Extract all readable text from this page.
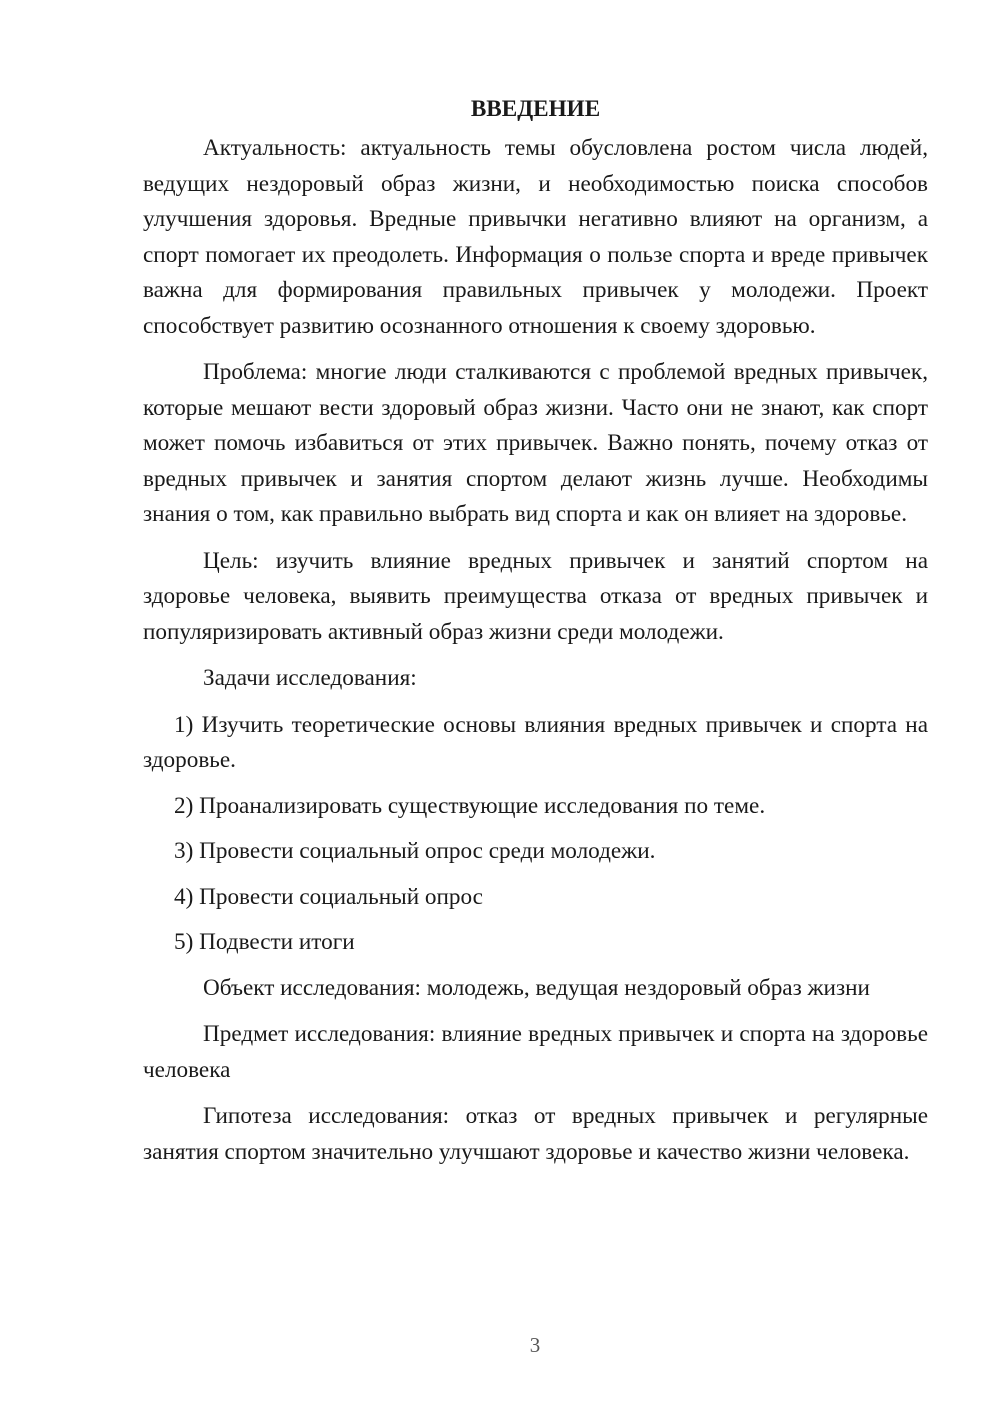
ВВЕДЕНИЕ

Актуальность: актуальность темы обусловлена ростом числа людей, ведущих нездоровый образ жизни, и необходимостью поиска способов улучшения здоровья. Вредные привычки негативно влияют на организм, а спорт помогает их преодолеть. Информация о пользе спорта и вреде привычек важна для формирования правильных привычек у молодежи. Проект способствует развитию осознанного отношения к своему здоровью.

Проблема: многие люди сталкиваются с проблемой вредных привычек, которые мешают вести здоровый образ жизни. Часто они не знают, как спорт может помочь избавиться от этих привычек. Важно понять, почему отказ от вредных привычек и занятия спортом делают жизнь лучше. Необходимы знания о том, как правильно выбрать вид спорта и как он влияет на здоровье.

Цель: изучить влияние вредных привычек и занятий спортом на здоровье человека, выявить преимущества отказа от вредных привычек и популяризировать активный образ жизни среди молодежи.

Задачи исследования:

1) Изучить теоретические основы влияния вредных привычек и спорта на здоровье.

2) Проанализировать существующие исследования по теме.

3) Провести социальный опрос среди молодежи.

4) Провести социальный опрос

5) Подвести итоги

Объект исследования: молодежь, ведущая нездоровый образ жизни

Предмет исследования: влияние вредных привычек и спорта на здоровье человека

Гипотеза исследования: отказ от вредных привычек и регулярные занятия спортом значительно улучшают здоровье и качество жизни человека.

3
